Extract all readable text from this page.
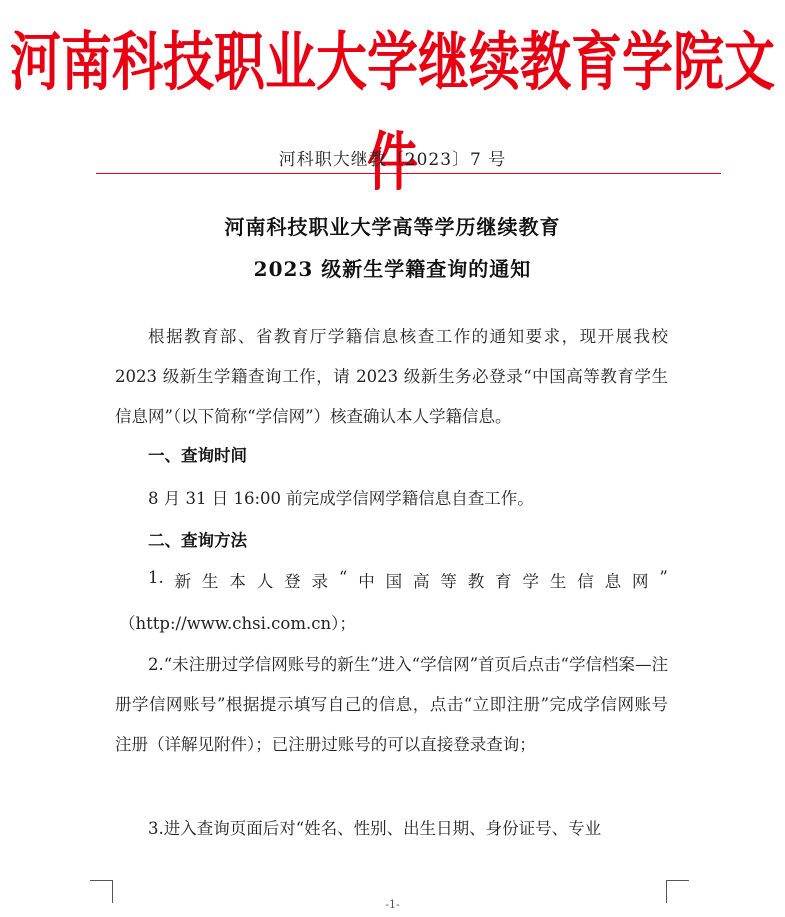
河南科技职业大学继续教育学院文件
河科职大继教〔2023〕7 号
河南科技职业大学高等学历继续教育
2023 级新生学籍查询的通知
根据教育部、省教育厅学籍信息核查工作的通知要求，现开展我校 2023 级新生学籍查询工作，请 2023 级新生务必登录“中国高等教育学生信息网”（以下简称“学信网”）核查确认本人学籍信息。
一、查询时间
8 月 31 日 16:00 前完成学信网学籍信息自查工作。
二、查询方法
1. 新 生 本 人 登 录 “ 中 国 高 等 教 育 学 生 信 息 网 ”
（http://www.chsi.com.cn）；
2.“未注册过学信网账号的新生”进入“学信网”首页后点击“学信档案—注册学信网账号”根据提示填写自己的信息，点击“立即注册”完成学信网账号注册（详解见附件）；已注册过账号的可以直接登录查询；
3.进入查询页面后对“姓名、性别、出生日期、身份证号、专业
-1-
